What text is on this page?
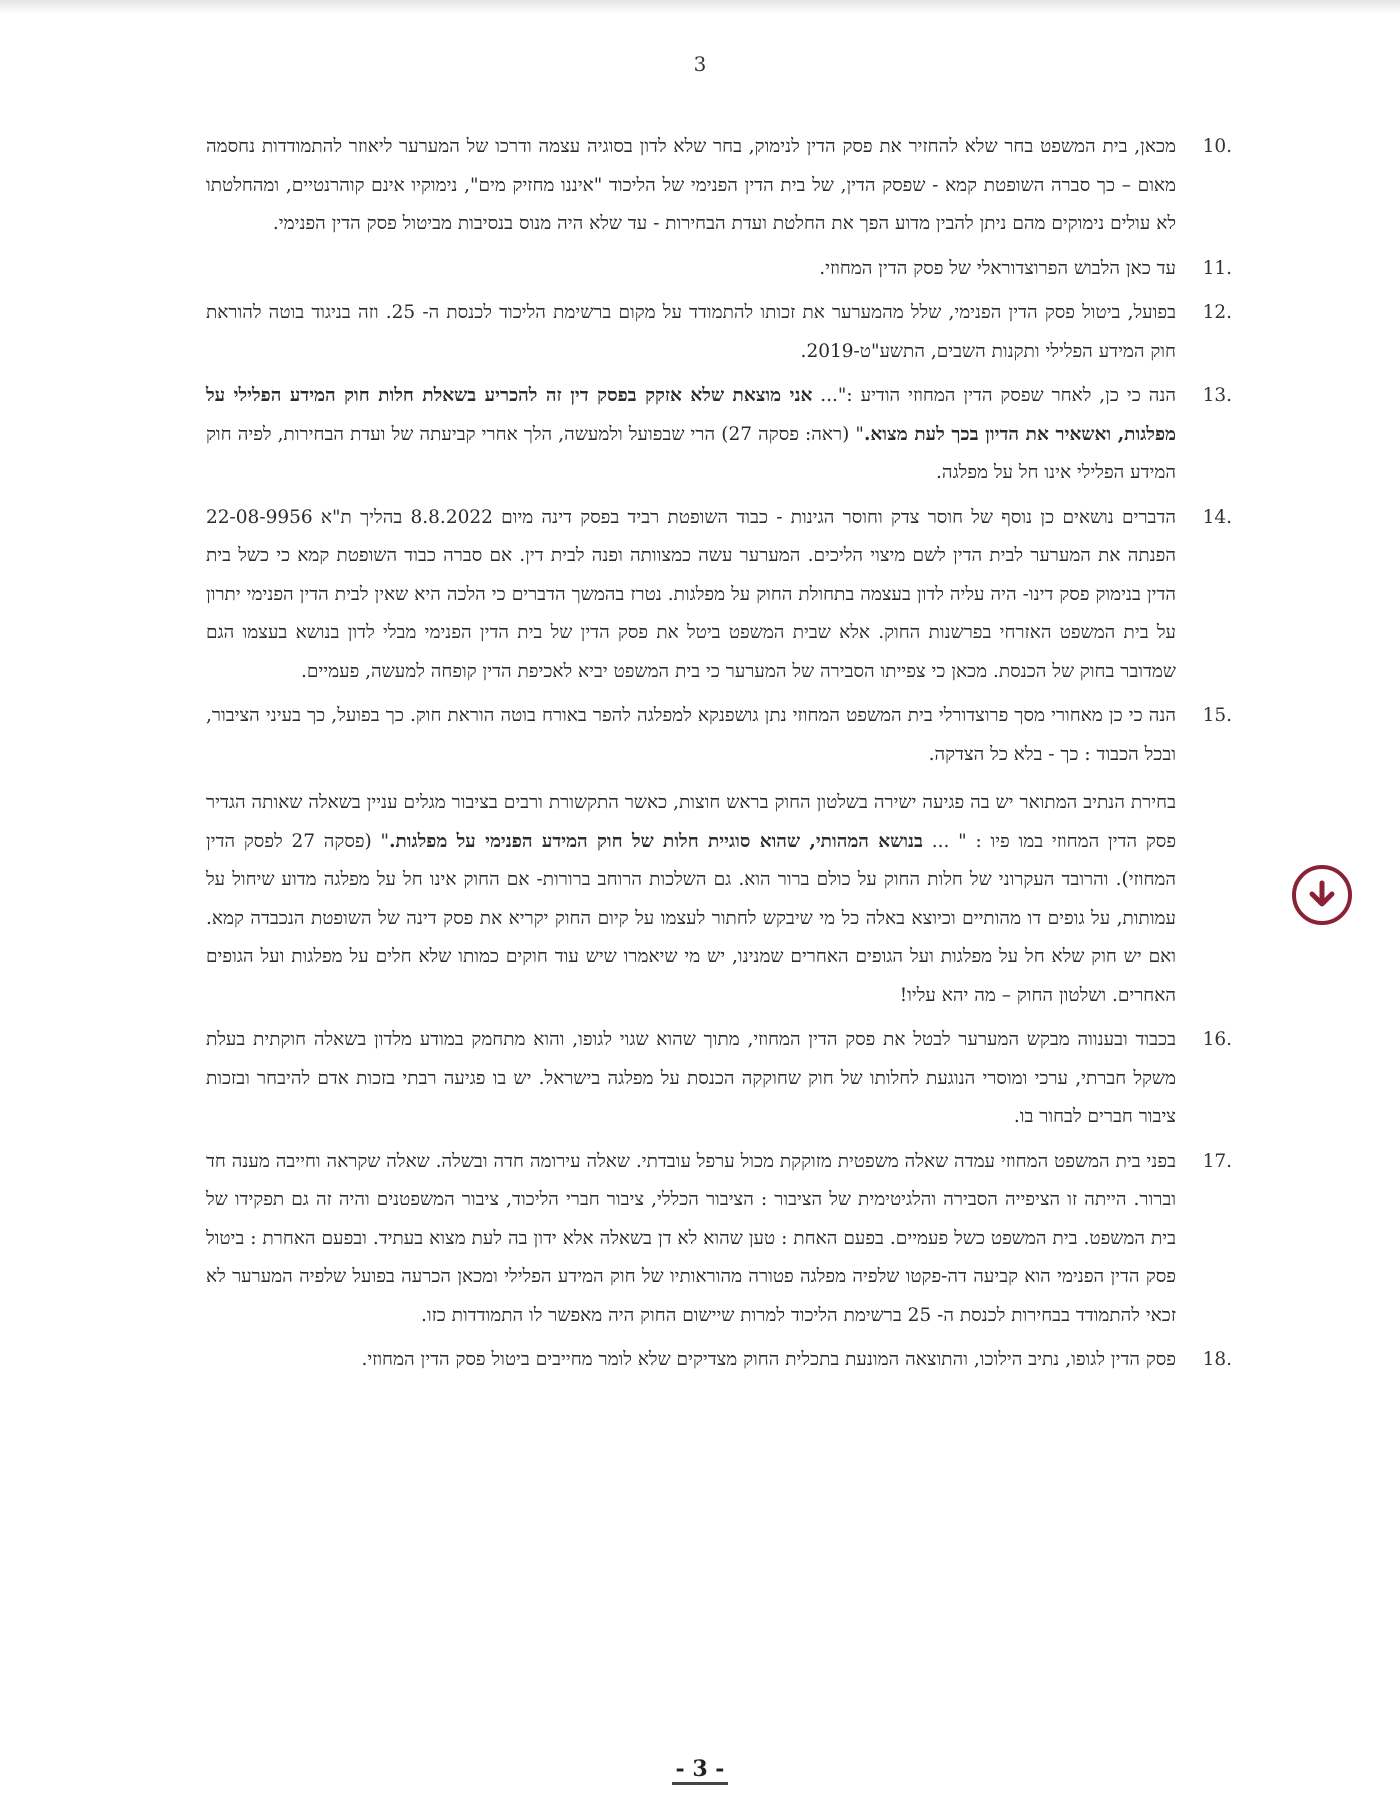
3
.10
מכאן, בית המשפט בחר שלא להחזיר את פסק הדין לנימוק, בחר שלא לדון בסוגיה עצמה ודרכו של המערער ליאוזר להתמודדות נחסמה מאום – כך סברה השופטת קמא - שפסק הדין, של בית הדין הפנימי של הליכוד "איננו מחזיק מים", נימוקיו אינם קוהרנטיים, ומהחלטתו לא עולים נימוקים מהם ניתן להבין מדוע הפך את החלטת ועדת הבחירות - עד שלא היה מנוס בנסיבות מביטול פסק הדין הפנימי.
.11
עד כאן הלבוש הפרוצדוראלי של פסק הדין המחוזי.
.12
בפועל, ביטול פסק הדין הפנימי, שלל מהמערער את זכותו להתמודד על מקום ברשימת הליכוד לכנסת ה- 25. וזה בניגוד בוטה להוראת חוק המידע הפלילי ותקנות השבים, התשע"ט-2019.
.13
הנה כי כן, לאחר שפסק הדין המחוזי הודיע :"... אני מוצאת שלא אזקק בפסק דין זה להכריע בשאלת חלות חוק המידע הפלילי על מפלגות, ואשאיר את הדיון בכך לעת מצוא." (ראה: פסקה 27) הרי שבפועל ולמעשה, הלך אחרי קביעתה של ועדת הבחירות, לפיה חוק המידע הפלילי אינו חל על מפלגה.
.14
הדברים נושאים כן נוסף של חוסר צדק וחוסר הגינות - כבוד השופטת רביד בפסק דינה מיום 8.8.2022 בהליך ת"א 22-08-9956 הפנתה את המערער לבית הדין לשם מיצוי הליכים. המערער עשה כמצוותה ופנה לבית דין. אם סברה כבוד השופטת קמא כי כשל בית הדין בנימוק פסק דינו- היה עליה לדון בעצמה בתחולת החוק על מפלגות. נטרז בהמשך הדברים כי הלכה היא שאין לבית הדין הפנימי יתרון על בית המשפט האזרחי בפרשנות החוק. אלא שבית המשפט ביטל את פסק הדין של בית הדין הפנימי מבלי לדון בנושא בעצמו הגם שמדובר בחוק של הכנסת. מכאן כי צפייתו הסבירה של המערער כי בית המשפט יביא לאכיפת הדין קופחה למעשה, פעמיים.
.15
הנה כי כן מאחורי מסך פרוצדורלי בית המשפט המחוזי נתן גושפנקא למפלגה להפר באורח בוטה הוראת חוק. כך בפועל, כך בעיני הציבור, ובכל הכבוד : כך - בלא כל הצדקה.
בחירת הנתיב המתואר יש בה פגיעה ישירה בשלטון החוק בראש חוצות, כאשר התקשורת ורבים בציבור מגלים עניין בשאלה שאותה הגדיר פסק הדין המחוזי במו פיו : " ... בנושא המהותי, שהוא סוגיית חלות של חוק המידע הפנימי על מפלגות." (פסקה 27 לפסק הדין המחוזי). והרובד העקרוני של חלות החוק על כולם ברור הוא. גם השלכות הרוחב ברורות- אם החוק אינו חל על מפלגה מדוע שיחול על עמותות, על גופים דו מהותיים וכיוצא באלה כל מי שיבקש לחתור לעצמו על קיום החוק יקריא את פסק דינה של השופטת הנכבדה קמא. ואם יש חוק שלא חל על מפלגות ועל הגופים האחרים שמנינו, יש מי שיאמרו שיש עוד חוקים כמותו שלא חלים על מפלגות ועל הגופים האחרים. ושלטון החוק – מה יהא עליו!
.16
בכבוד ובענווה מבקש המערער לבטל את פסק הדין המחוזי, מתוך שהוא שגוי לגופו, והוא מתחמק במודע מלדון בשאלה חוקתית בעלת משקל חברתי, ערכי ומוסרי הנוגעת לחלותו של חוק שחוקקה הכנסת על מפלגה בישראל. יש בו פגיעה רבתי בזכות אדם להיבחר ובזכות ציבור חברים לבחור בו.
.17
בפני בית המשפט המחוזי עמדה שאלה משפטית מזוקקת מכול ערפל עובדתי. שאלה עירומה חדה ובשלה. שאלה שקראה וחייבה מענה חד וברור. הייתה זו הציפייה הסבירה והלגיטימית של הציבור : הציבור הכללי, ציבור חברי הליכוד, ציבור המשפטנים והיה זה גם תפקידו של בית המשפט. בית המשפט כשל פעמיים. בפעם האחת : טען שהוא לא דן בשאלה אלא ידון בה לעת מצוא בעתיד. ובפעם האחרת : ביטול פסק הדין הפנימי הוא קביעה דה-פקטו שלפיה מפלגה פטורה מהוראותיו של חוק המידע הפלילי ומכאן הכרעה בפועל שלפיה המערער לא זכאי להתמודד בבחירות לכנסת ה- 25 ברשימת הליכוד למרות שיישום החוק היה מאפשר לו התמודדות כזו.
.18
פסק הדין לגופו, נתיב הילוכו, והתוצאה המונעת בתכלית החוק מצדיקים שלא לומר מחייבים ביטול פסק הדין המחוזי.
- 3 -
